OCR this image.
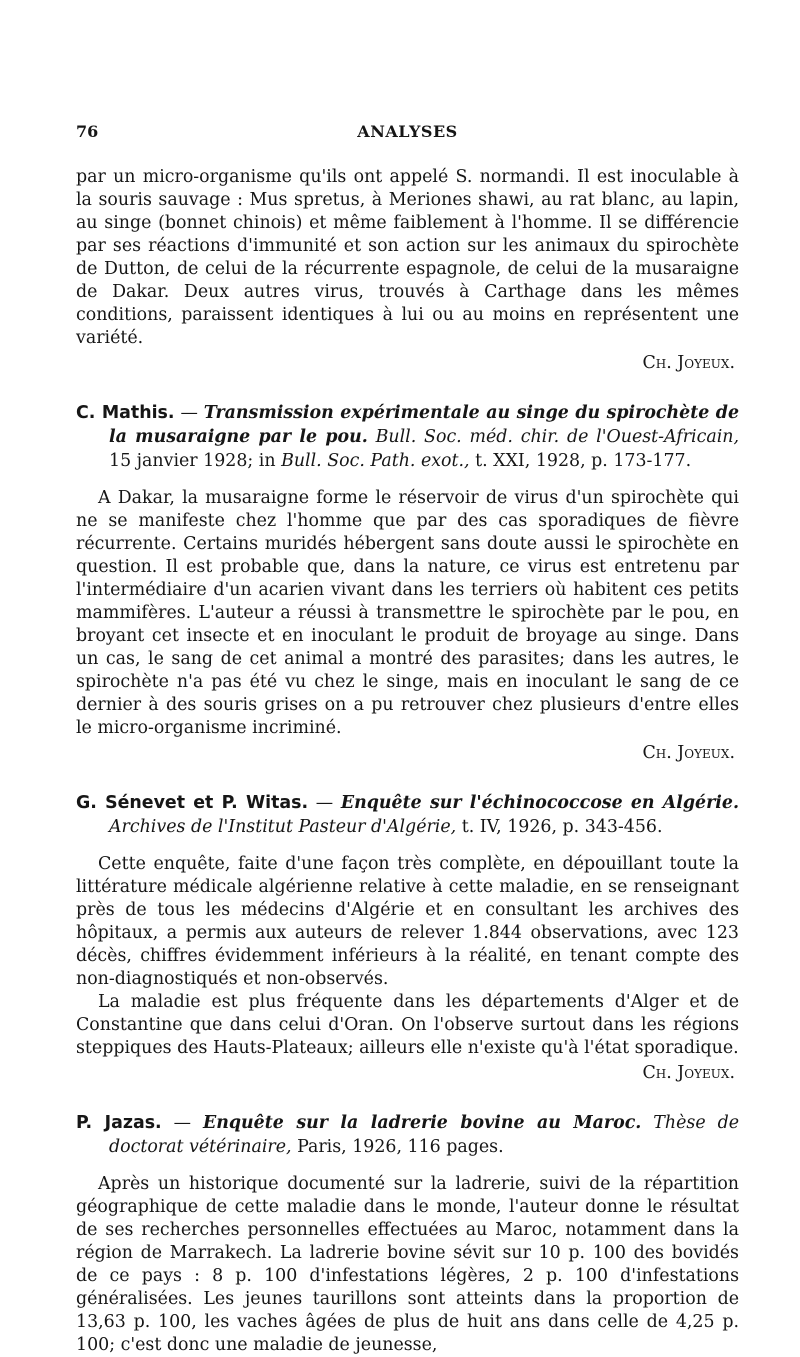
76	ANALYSES

par un micro-organisme qu'ils ont appelé S. normandi. Il est inoculable à la souris sauvage : Mus spretus, à Meriones shawi, au rat blanc, au lapin, au singe (bonnet chinois) et même faiblement à l'homme. Il se différencie par ses réactions d'immunité et son action sur les animaux du spirochète de Dutton, de celui de la récurrente espagnole, de celui de la musaraigne de Dakar. Deux autres virus, trouvés à Carthage dans les mêmes conditions, paraissent identiques à lui ou au moins en représentent une variété.

Ch. Joyeux.

C. Mathis. — Transmission expérimentale au singe du spirochète de la musaraigne par le pou. Bull. Soc. méd. chir. de l'Ouest-Africain, 15 janvier 1928; in Bull. Soc. Path. exot., t. XXI, 1928, p. 173-177.

A Dakar, la musaraigne forme le réservoir de virus d'un spirochète qui ne se manifeste chez l'homme que par des cas sporadiques de fièvre récurrente. Certains muridés hébergent sans doute aussi le spirochète en question. Il est probable que, dans la nature, ce virus est entretenu par l'intermédiaire d'un acarien vivant dans les terriers où habitent ces petits mammifères. L'auteur a réussi à transmettre le spirochète par le pou, en broyant cet insecte et en inoculant le produit de broyage au singe. Dans un cas, le sang de cet animal a montré des parasites; dans les autres, le spirochète n'a pas été vu chez le singe, mais en inoculant le sang de ce dernier à des souris grises on a pu retrouver chez plusieurs d'entre elles le micro-organisme incriminé.

Ch. Joyeux.

G. Sénevet et P. Witas. — Enquête sur l'échinococcose en Algérie. Archives de l'Institut Pasteur d'Algérie, t. IV, 1926, p. 343-456.

Cette enquête, faite d'une façon très complète, en dépouillant toute la littérature médicale algérienne relative à cette maladie, en se renseignant près de tous les médecins d'Algérie et en consultant les archives des hôpitaux, a permis aux auteurs de relever 1.844 observations, avec 123 décès, chiffres évidemment inférieurs à la réalité, en tenant compte des non-diagnostiqués et non-observés.

La maladie est plus fréquente dans les départements d'Alger et de Constantine que dans celui d'Oran. On l'observe surtout dans les régions steppiques des Hauts-Plateaux; ailleurs elle n'existe qu'à l'état sporadique.

Ch. Joyeux.

P. Jazas. — Enquête sur la ladrerie bovine au Maroc. Thèse de doctorat vétérinaire, Paris, 1926, 116 pages.

Après un historique documenté sur la ladrerie, suivi de la répartition géographique de cette maladie dans le monde, l'auteur donne le résultat de ses recherches personnelles effectuées au Maroc, notamment dans la région de Marrakech. La ladrerie bovine sévit sur 10 p. 100 des bovidés de ce pays : 8 p. 100 d'infestations légères, 2 p. 100 d'infestations généralisées. Les jeunes taurillons sont atteints dans la proportion de 13,63 p. 100, les vaches âgées de plus de huit ans dans celle de 4,25 p. 100; c'est donc une maladie de jeunesse,
